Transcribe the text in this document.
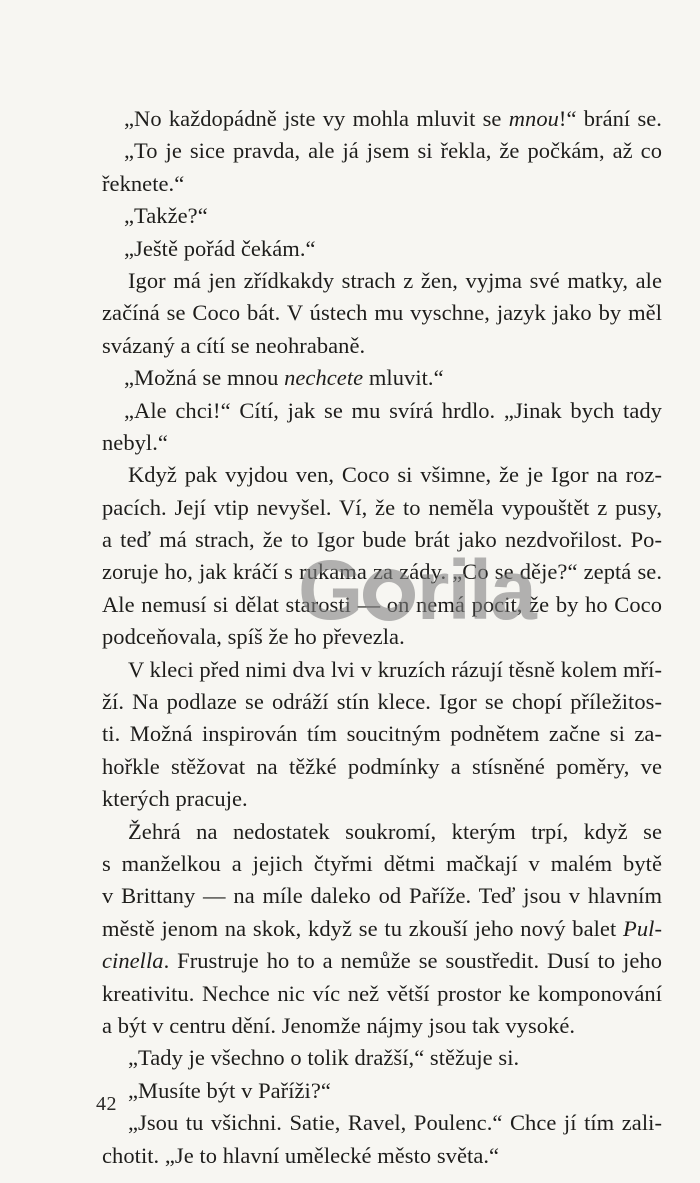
„No každopádně jste vy mohla mluvit se mnou!“ brání se.
„To je sice pravda, ale já jsem si řekla, že počkám, až co
řeknete.“
„Takže?“
„Ještě pořád čekám.“
Igor má jen zřídkakdy strach z žen, vyjma své matky, ale
začíná se Coco bát. V ústech mu vyschne, jazyk jako by měl
svázaný a cítí se neohrabaně.
„Možná se mnou nechcete mluvit.“
„Ale chci!“ Cítí, jak se mu svírá hrdlo. „Jinak bych tady
nebyl.“
Když pak vyjdou ven, Coco si všimne, že je Igor na roz-
pacích. Její vtip nevyšel. Ví, že to neměla vypouštět z pusy,
a teď má strach, že to Igor bude brát jako nezdvořilost. Po-
zoruje ho, jak kráčí s rukama za zády. „Co se děje?“ zeptá se.
Ale nemusí si dělat starosti — on nemá pocit, že by ho Coco
podceňovala, spíš že ho převezla.
V kleci před nimi dva lvi v kruzích rázují těsně kolem mří-
ží. Na podlaze se odráží stín klece. Igor se chopí příležitos-
ti. Možná inspirován tím soucitným podnětem začne si za-
hořkle stěžovat na těžké podmínky a stísněné poměry, ve
kterých pracuje.
Žehrá na nedostatek soukromí, kterým trpí, když se
s manželkou a jejich čtyřmi dětmi mačkají v malém bytě
v Brittany — na míle daleko od Paříže. Teď jsou v hlavním
městě jenom na skok, když se tu zkouší jeho nový balet Pul-
cinella. Frustruje ho to a nemůže se soustředit. Dusí to jeho
kreativitu. Nechce nic víc než větší prostor ke komponování
a být v centru dění. Jenomže nájmy jsou tak vysoké.
„Tady je všechno o tolik dražší,“ stěžuje si.
„Musíte být v Paříži?“
„Jsou tu všichni. Satie, Ravel, Poulenc.“ Chce jí tím zali-
chotit. „Je to hlavní umělecké město světa.“
G rila
42
